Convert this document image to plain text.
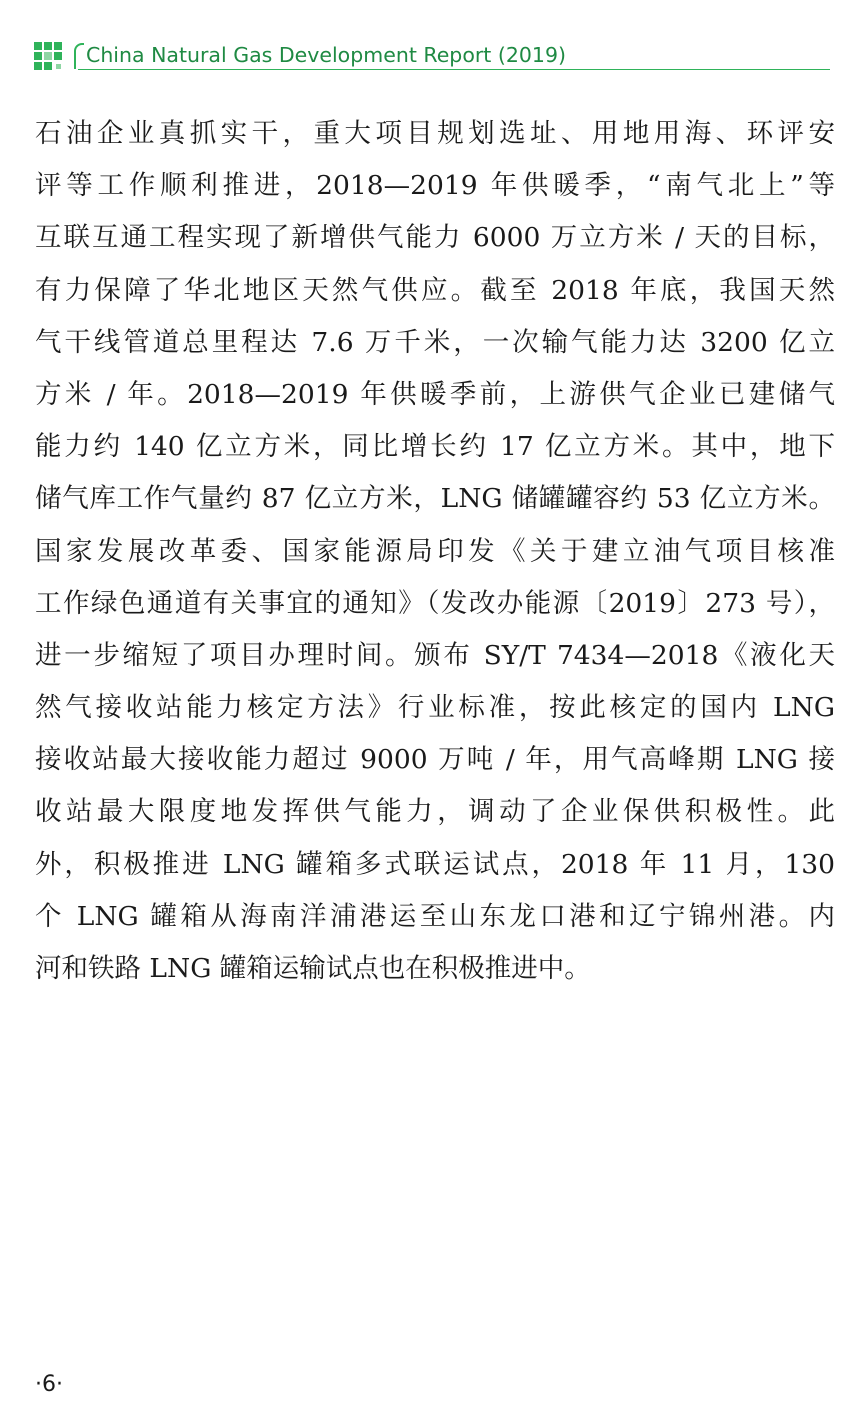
China Natural Gas Development Report (2019)
石油企业真抓实干，重大项目规划选址、用地用海、环评安
评等工作顺利推进，2018—2019 年供暖季，“南气北上”等
互联互通工程实现了新增供气能力 6000 万立方米 / 天的目标，
有力保障了华北地区天然气供应。截至 2018 年底，我国天然
气干线管道总里程达 7.6 万千米，一次输气能力达 3200 亿立
方米 / 年。2018—2019 年供暖季前，上游供气企业已建储气
能力约 140 亿立方米，同比增长约 17 亿立方米。其中，地下
储气库工作气量约 87 亿立方米，LNG 储罐罐容约 53 亿立方米。
国家发展改革委、国家能源局印发《关于建立油气项目核准
工作绿色通道有关事宜的通知》（发改办能源〔2019〕273 号），
进一步缩短了项目办理时间。颁布 SY/T 7434—2018《液化天
然气接收站能力核定方法》行业标准，按此核定的国内 LNG
接收站最大接收能力超过 9000 万吨 / 年，用气高峰期 LNG 接
收站最大限度地发挥供气能力，调动了企业保供积极性。此
外，积极推进 LNG 罐箱多式联运试点，2018 年 11 月，130
个 LNG 罐箱从海南洋浦港运至山东龙口港和辽宁锦州港。内
河和铁路 LNG 罐箱运输试点也在积极推进中。
·6·
